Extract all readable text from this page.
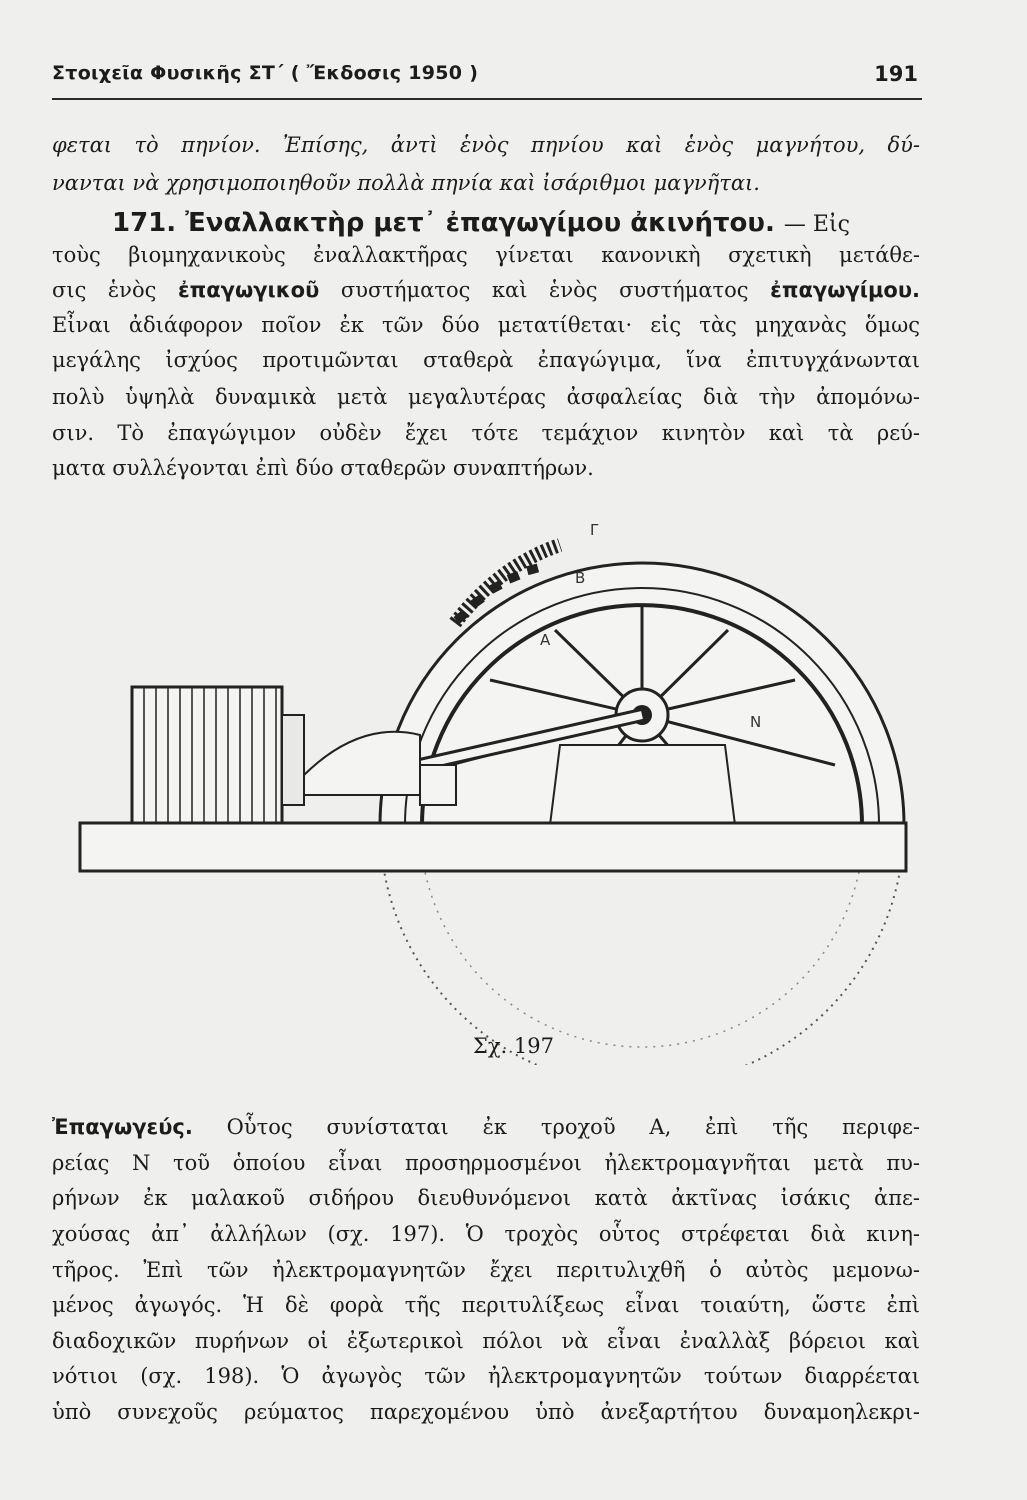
Στοιχεῖα Φυσικῆς ΣΤ΄ ( Ἔκδοσις 1950 )	191
φεται τὸ πηνίον. Ἐπίσης, ἀντὶ ἑνὸς πηνίου καὶ ἑνὸς μαγνήτου, δύ-
νανται νὰ χρησιμοποιηθοῦν πολλὰ πηνία καὶ ἰσάριθμοι μαγνῆται.
171. Ἐναλλακτὴρ μετ᾽ ἐπαγωγίμου ἀκινήτου. — Εἰς
τοὺς βιομηχανικοὺς ἐναλλακτῆρας γίνεται κανονικὴ σχετικὴ μετάθε-
σις ἑνὸς ἐπαγωγικοῦ συστήματος καὶ ἑνὸς συστήματος ἐπαγωγίμου.
Εἶναι ἀδιάφορον ποῖον ἐκ τῶν δύο μετατίθεται· εἰς τὰς μηχανὰς ὅμως
μεγάλης ἰσχύος προτιμῶνται σταθερὰ ἐπαγώγιμα, ἵνα ἐπιτυγχάνωνται
πολὺ ὑψηλὰ δυναμικὰ μετὰ μεγαλυτέρας ἀσφαλείας διὰ τὴν ἀπομόνω-
σιν. Τὸ ἐπαγώγιμον οὐδὲν ἔχει τότε τεμάχιον κινητὸν καὶ τὰ ρεύ-
ματα συλλέγονται ἐπὶ δύο σταθερῶν συναπτήρων.
Γ
B
A
N
Σχ. 197
Ἐπαγωγεύς. Οὗτος συνίσταται ἐκ τροχοῦ Α, ἐπὶ τῆς περιφε-
ρείας Ν τοῦ ὁποίου εἶναι προσηρμοσμένοι ἠλεκτρομαγνῆται μετὰ πυ-
ρήνων ἐκ μαλακοῦ σιδήρου διευθυνόμενοι κατὰ ἀκτῖνας ἰσάκις ἀπε-
χούσας ἀπ᾽ ἀλλήλων (σχ. 197). Ὁ τροχὸς οὗτος στρέφεται διὰ κινη-
τῆρος. Ἐπὶ τῶν ἠλεκτρομαγνητῶν ἔχει περιτυλιχθῆ ὁ αὐτὸς μεμονω-
μένος ἀγωγός. Ἡ δὲ φορὰ τῆς περιτυλίξεως εἶναι τοιαύτη, ὥστε ἐπὶ
διαδοχικῶν πυρήνων οἱ ἐξωτερικοὶ πόλοι νὰ εἶναι ἐναλλὰξ βόρειοι καὶ
νότιοι (σχ. 198). Ὁ ἀγωγὸς τῶν ἠλεκτρομαγνητῶν τούτων διαρρέεται
ὑπὸ συνεχοῦς ρεύματος παρεχομένου ὑπὸ ἀνεξαρτήτου δυναμοηλεκρι-
